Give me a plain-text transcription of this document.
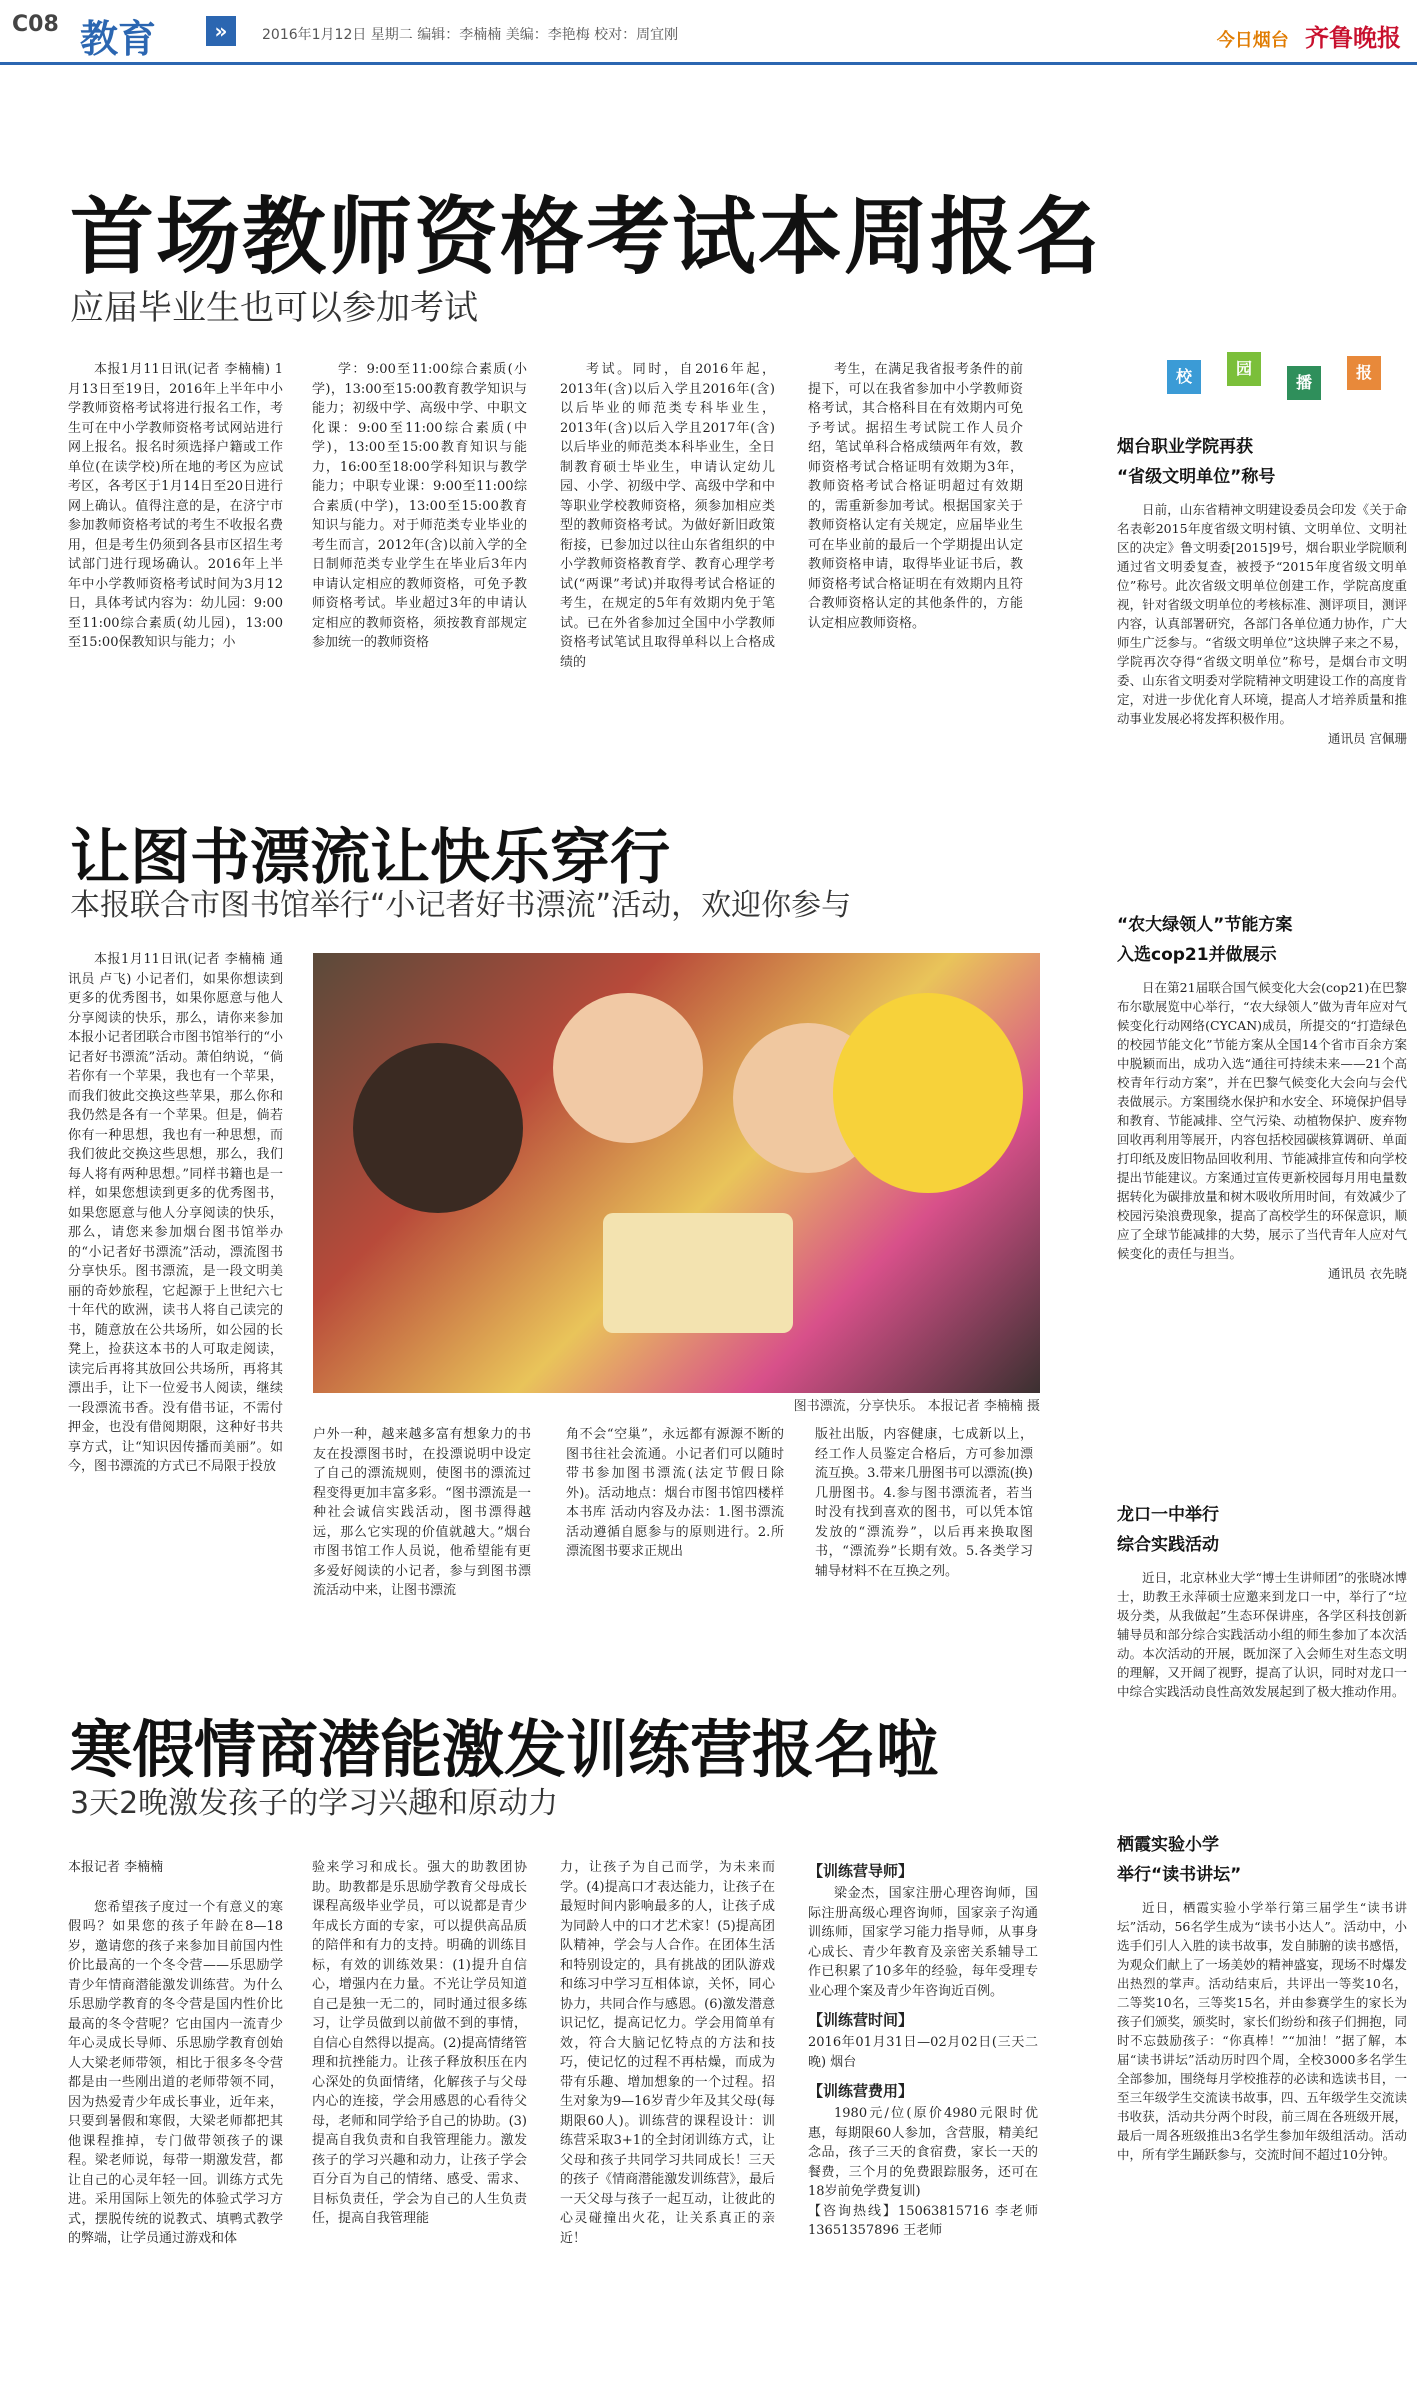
C08 教育	»	2016年1月12日 星期二 编辑：李楠楠 美编：李艳梅 校对：周宜刚	今日烟台 齐鲁晚报
首场教师资格考试本周报名
应届毕业生也可以参加考试

本报1月11日讯(记者 李楠楠) 1月13日至19日，2016年上半年中小学教师资格考试将进行报名工作，考生可在中小学教师资格考试网站进行网上报名。报名时须选择户籍或工作单位(在读学校)所在地的考区为应试考区，各考区于1月14日至20日进行网上确认。值得注意的是，在济宁市参加教师资格考试的考生不收报名费用，但是考生仍须到各县市区招生考试部门进行现场确认。2016年上半年中小学教师资格考试时间为3月12日，具体考试内容为：幼儿园：9:00至11:00综合素质(幼儿园)，13:00至15:00保教知识与能力；小

学：9:00至11:00综合素质(小学)，13:00至15:00教育教学知识与能力；初级中学、高级中学、中职文化课：9:00至11:00综合素质(中学)，13:00至15:00教育知识与能力，16:00至18:00学科知识与教学能力；中职专业课：9:00至11:00综合素质(中学)，13:00至15:00教育知识与能力。对于师范类专业毕业的考生而言，2012年(含)以前入学的全日制师范类专业学生在毕业后3年内申请认定相应的教师资格，可免予教师资格考试。毕业超过3年的申请认定相应的教师资格，须按教育部规定参加统一的教师资格

考试。同时，自2016年起，2013年(含)以后入学且2016年(含)以后毕业的师范类专科毕业生，2013年(含)以后入学且2017年(含)以后毕业的师范类本科毕业生，全日制教育硕士毕业生，申请认定幼儿园、小学、初级中学、高级中学和中等职业学校教师资格，须参加相应类型的教师资格考试。为做好新旧政策衔接，已参加过以往山东省组织的中小学教师资格教育学、教育心理学考试(“两课”考试)并取得考试合格证的考生，在规定的5年有效期内免于笔试。已在外省参加过全国中小学教师资格考试笔试且取得单科以上合格成绩的

考生，在满足我省报考条件的前提下，可以在我省参加中小学教师资格考试，其合格科目在有效期内可免予考试。据招生考试院工作人员介绍，笔试单科合格成绩两年有效，教师资格考试合格证明有效期为3年，教师资格考试合格证明超过有效期的，需重新参加考试。根据国家关于教师资格认定有关规定，应届毕业生可在毕业前的最后一个学期提出认定教师资格申请，取得毕业证书后，教师资格考试合格证明在有效期内且符合教师资格认定的其他条件的，方能认定相应教师资格。

让图书漂流让快乐穿行
本报联合市图书馆举行“小记者好书漂流”活动，欢迎你参与

本报1月11日讯(记者 李楠楠 通讯员 卢飞) 小记者们，如果你想读到更多的优秀图书，如果你愿意与他人分享阅读的快乐，那么，请你来参加本报小记者团联合市图书馆举行的“小记者好书漂流”活动。萧伯纳说，“倘若你有一个苹果，我也有一个苹果，而我们彼此交换这些苹果，那么你和我仍然是各有一个苹果。但是，倘若你有一种思想，我也有一种思想，而我们彼此交换这些思想，那么，我们每人将有两种思想。”同样书籍也是一样，如果您想读到更多的优秀图书，如果您愿意与他人分享阅读的快乐，那么，请您来参加烟台图书馆举办的“小记者好书漂流”活动，漂流图书分享快乐。图书漂流，是一段文明美丽的奇妙旅程，它起源于上世纪六七十年代的欧洲，读书人将自己读完的书，随意放在公共场所，如公园的长凳上，捡获这本书的人可取走阅读，读完后再将其放回公共场所，再将其漂出手，让下一位爱书人阅读，继续一段漂流书香。没有借书证，不需付押金，也没有借阅期限，这种好书共享方式，让“知识因传播而美丽”。如今，图书漂流的方式已不局限于投放

图书漂流，分享快乐。 本报记者 李楠楠 摄

户外一种，越来越多富有想象力的书友在投漂图书时，在投漂说明中设定了自己的漂流规则，使图书的漂流过程变得更加丰富多彩。“图书漂流是一种社会诚信实践活动，图书漂得越远，那么它实现的价值就越大。”烟台市图书馆工作人员说，他希望能有更多爱好阅读的小记者，参与到图书漂流活动中来，让图书漂流

角不会“空巢”，永远都有源源不断的图书往社会流通。小记者们可以随时带书参加图书漂流(法定节假日除外)。活动地点：烟台市图书馆四楼样本书库 活动内容及办法：1.图书漂流活动遵循自愿参与的原则进行。2.所漂流图书要求正规出

版社出版，内容健康，七成新以上，经工作人员鉴定合格后，方可参加漂流互换。3.带来几册图书可以漂流(换)几册图书。4.参与图书漂流者，若当时没有找到喜欢的图书，可以凭本馆发放的“漂流券”，以后再来换取图书，“漂流券”长期有效。5.各类学习辅导材料不在互换之列。

寒假情商潜能激发训练营报名啦
3天2晚激发孩子的学习兴趣和原动力
本报记者 李楠楠

您希望孩子度过一个有意义的寒假吗？如果您的孩子年龄在8—18岁，邀请您的孩子来参加目前国内性价比最高的一个冬令营——乐思励学青少年情商潜能激发训练营。为什么乐思励学教育的冬令营是国内性价比最高的冬令营呢？它由国内一流青少年心灵成长导师、乐思励学教育创始人大梁老师带领，相比于很多冬令营都是由一些刚出道的老师带领不同，因为热爱青少年成长事业，近年来，只要到暑假和寒假，大梁老师都把其他课程推掉，专门做带领孩子的课程。梁老师说，每带一期激发营，都让自己的心灵年轻一回。训练方式先进。采用国际上领先的体验式学习方式，摆脱传统的说教式、填鸭式教学的弊端，让学员通过游戏和体

验来学习和成长。强大的助教团协助。助教都是乐思励学教育父母成长课程高级毕业学员，可以说都是青少年成长方面的专家，可以提供高品质的陪伴和有力的支持。明确的训练目标，有效的训练效果：(1)提升自信心，增强内在力量。不光让学员知道自己是独一无二的，同时通过很多练习，让学员做到以前做不到的事情，自信心自然得以提高。(2)提高情绪管理和抗挫能力。让孩子释放积压在内心深处的负面情绪，化解孩子与父母内心的连接，学会用感恩的心看待父母，老师和同学给予自己的协助。(3)提高自我负责和自我管理能力。激发孩子的学习兴趣和动力，让孩子学会百分百为自己的情绪、感受、需求、目标负责任，学会为自己的人生负责任，提高自我管理能

力，让孩子为自己而学，为未来而学。(4)提高口才表达能力，让孩子在最短时间内影响最多的人，让孩子成为同龄人中的口才艺术家！(5)提高团队精神，学会与人合作。在团体生活和特别设定的，具有挑战的团队游戏和练习中学习互相体谅，关怀，同心协力，共同合作与感恩。(6)激发潜意识记忆，提高记忆力。学会用简单有效，符合大脑记忆特点的方法和技巧，使记忆的过程不再枯燥，而成为带有乐趣、增加想象的一个过程。招生对象为9—16岁青少年及其父母(每期限60人)。训练营的课程设计：训练营采取3+1的全封闭训练方式，让父母和孩子共同学习共同成长！三天的孩子《情商潜能激发训练营》，最后一天父母与孩子一起互动，让彼此的心灵碰撞出火花，让关系真正的亲近！

【训练营导师】

梁金杰，国家注册心理咨询师，国际注册高级心理咨询师，国家亲子沟通训练师，国家学习能力指导师，从事身心成长、青少年教育及亲密关系辅导工作已积累了10多年的经验，每年受理专业心理个案及青少年咨询近百例。

【训练营时间】

2016年01月31日—02月02日(三天二晚) 烟台

【训练营费用】

1980元/位(原价4980元限时优惠，每期限60人参加，含营服，精美纪念品，孩子三天的食宿费，家长一天的餐费，三个月的免费跟踪服务，还可在18岁前免学费复训)

【咨询热线】15063815716 李老师 13651357896 王老师

校	园
播
报
烟台职业学院再获
“省级文明单位”称号

日前，山东省精神文明建设委员会印发《关于命名表彰2015年度省级文明村镇、文明单位、文明社区的决定》鲁文明委[2015]9号，烟台职业学院顺利通过省文明委复查，被授予“2015年度省级文明单位”称号。此次省级文明单位创建工作，学院高度重视，针对省级文明单位的考核标准、测评项目，测评内容，认真部署研究，各部门各单位通力协作，广大师生广泛参与。“省级文明单位”这块牌子来之不易，学院再次夺得“省级文明单位”称号，是烟台市文明委、山东省文明委对学院精神文明建设工作的高度肯定，对进一步优化育人环境，提高人才培养质量和推动事业发展必将发挥积极作用。

通讯员 宫佩珊
“农大绿领人”节能方案
入选cop21并做展示

日在第21届联合国气候变化大会(cop21)在巴黎布尔歇展览中心举行，“农大绿领人”做为青年应对气候变化行动网络(CYCAN)成员，所提交的“打造绿色的校园节能文化”节能方案从全国14个省市百余方案中脱颖而出，成功入选“通往可持续未来——21个高校青年行动方案”，并在巴黎气候变化大会向与会代表做展示。方案围绕水保护和水安全、环境保护倡导和教育、节能减排、空气污染、动植物保护、废弃物回收再利用等展开，内容包括校园碳核算调研、单面打印纸及废旧物品回收利用、节能减排宣传和向学校提出节能建议。方案通过宣传更新校园每月用电量数据转化为碳排放量和树木吸收所用时间，有效减少了校园污染浪费现象，提高了高校学生的环保意识，顺应了全球节能减排的大势，展示了当代青年人应对气候变化的责任与担当。

通讯员 衣先晓
龙口一中举行
综合实践活动

近日，北京林业大学“博士生讲师团”的张晓冰博士，助教王永萍硕士应邀来到龙口一中，举行了“垃圾分类，从我做起”生态环保讲座，各学区科技创新辅导员和部分综合实践活动小组的师生参加了本次活动。本次活动的开展，既加深了入会师生对生态文明的理解，又开阔了视野，提高了认识，同时对龙口一中综合实践活动良性高效发展起到了极大推动作用。

栖霞实验小学
举行“读书讲坛”

近日，栖霞实验小学举行第三届学生“读书讲坛”活动，56名学生成为“读书小达人”。活动中，小选手们引人入胜的读书故事，发自肺腑的读书感悟，为观众们献上了一场美妙的精神盛宴，现场不时爆发出热烈的掌声。活动结束后，共评出一等奖10名，二等奖10名，三等奖15名，并由参赛学生的家长为孩子们颁奖，颁奖时，家长们纷纷和孩子们拥抱，同时不忘鼓励孩子：“你真棒！”“加油！”据了解，本届“读书讲坛”活动历时四个周，全校3000多名学生全部参加，围绕每月学校推荐的必读和选读书目，一至三年级学生交流读书故事，四、五年级学生交流读书收获，活动共分两个时段，前三周在各班级开展，最后一周各班级推出3名学生参加年级组活动。活动中，所有学生踊跃参与，交流时间不超过10分钟。
